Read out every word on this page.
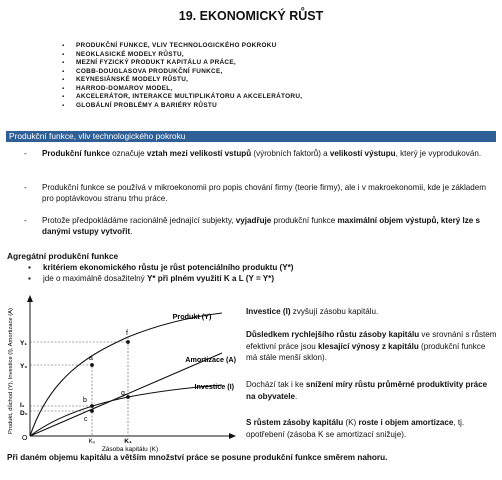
19. EKONOMICKÝ RŮST
▪ PRODUKČNÍ FUNKCE, VLIV TECHNOLOGICKÉHO POKROKU
▪ NEOKLASICKÉ MODELY RŮSTU,
▪ MEZNÍ FYZICKÝ PRODUKT KAPITÁLU A PRÁCE,
▪ COBB-DOUGLASOVA PRODUKČNÍ FUNKCE,
▪ KEYNESIÁNSKÉ MODELY RŮSTU,
▪ HARROD-DOMAROV MODEL,
▪ AKCELERÁTOR, INTERAKCE MULTIPLIKÁTORU A AKCELERÁTORU,
▪ GLOBÁLNÍ PROBLÉMY A BARIÉRY RŮSTU
Produkční funkce, vliv technologického pokroku
- Produkční funkce označuje vztah mezi velikostí vstupů (výrobních faktorů) a velikostí výstupu, který je vyprodukován.
- Produkční funkce se používá v mikroekonomii pro popis chování firmy (teorie firmy), ale i v makroekonomii, kde je základem pro poptávkovou stranu trhu práce.
- Protože předpokládáme racionálně jednající subjekty, vyjadřuje produkční funkce maximální objem výstupů, který lze s danými vstupy vytvořit.
Agregátní produkční funkce
▪ kritériem ekonomického růstu je růst potenciálního produktu (Y*)
▪ jde o maximálně dosažitelný Y* při plném využití K a L (Y = Y*)
Produkt, důchod (Y), Investice (I), Amortizace (A)	a
b
c
f
g
Produkt (Y)
Amortizace (A)
Investice (I)
Y₁
Y₀
I₁
D₀
O	K₀	K₁
Zásoba kapitálu (K)
Investice (I) zvyšují zásobu kapitálu.
Důsledkem rychlejšího růstu zásoby kapitálu ve srovnání s růstem efektivní práce jsou klesající výnosy z kapitálu (produkční funkce má stále menší sklon).
Dochází tak i ke snížení míry růstu průměrné produktivity práce na obyvatele.
S růstem zásoby kapitálu (K) roste i objem amortizace, tj. opotřebení (zásoba K se amortizací snižuje).
Při daném objemu kapitálu a větším množství práce se posune produkční funkce směrem nahoru.
